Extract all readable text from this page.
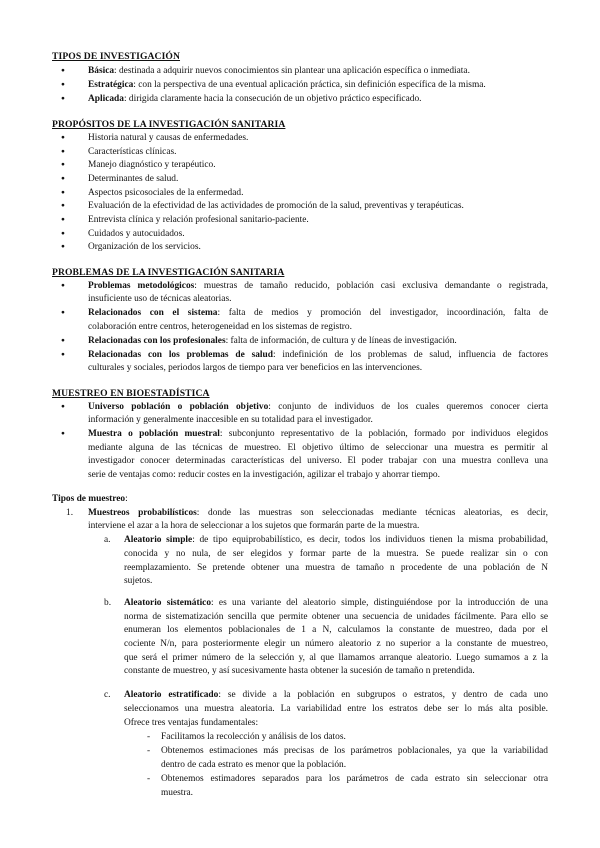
TIPOS DE INVESTIGACIÓN
● Básica: destinada a adquirir nuevos conocimientos sin plantear una aplicación específica o inmediata.
● Estratégica: con la perspectiva de una eventual aplicación práctica, sin definición específica de la misma.
● Aplicada: dirigida claramente hacia la consecución de un objetivo práctico especificado.
PROPÓSITOS DE LA INVESTIGACIÓN SANITARIA
● Historia natural y causas de enfermedades.
● Características clínicas.
● Manejo diagnóstico y terapéutico.
● Determinantes de salud.
● Aspectos psicosociales de la enfermedad.
● Evaluación de la efectividad de las actividades de promoción de la salud, preventivas y terapéuticas.
● Entrevista clínica y relación profesional sanitario-paciente.
● Cuidados y autocuidados.
● Organización de los servicios.
PROBLEMAS DE LA INVESTIGACIÓN SANITARIA
● Problemas metodológicos: muestras de tamaño reducido, población casi exclusiva demandante o registrada,
insuficiente uso de técnicas aleatorias.
● Relacionados con el sistema: falta de medios y promoción del investigador, incoordinación, falta de
colaboración entre centros, heterogeneidad en los sistemas de registro.
● Relacionadas con los profesionales: falta de información, de cultura y de líneas de investigación.
● Relacionadas con los problemas de salud: indefinición de los problemas de salud, influencia de factores
culturales y sociales, periodos largos de tiempo para ver beneficios en las intervenciones.
MUESTREO EN BIOESTADÍSTICA
● Universo población o población objetivo: conjunto de individuos de los cuales queremos conocer cierta
información y generalmente inaccesible en su totalidad para el investigador.
● Muestra o población muestral: subconjunto representativo de la población, formado por individuos elegidos
mediante alguna de las técnicas de muestreo. El objetivo último de seleccionar una muestra es permitir al
investigador conocer determinadas características del universo. El poder trabajar con una muestra conlleva una
serie de ventajas como: reducir costes en la investigación, agilizar el trabajo y ahorrar tiempo.
Tipos de muestreo:
1. Muestreos probabilísticos: donde las muestras son seleccionadas mediante técnicas aleatorias, es decir,
interviene el azar a la hora de seleccionar a los sujetos que formarán parte de la muestra.
a. Aleatorio simple: de tipo equiprobabilístico, es decir, todos los individuos tienen la misma probabilidad,
conocida y no nula, de ser elegidos y formar parte de la muestra. Se puede realizar sin o con
reemplazamiento. Se pretende obtener una muestra de tamaño n procedente de una población de N
sujetos.
b. Aleatorio sistemático: es una variante del aleatorio simple, distinguiéndose por la introducción de una
norma de sistematización sencilla que permite obtener una secuencia de unidades fácilmente. Para ello se
enumeran los elementos poblacionales de 1 a N, calculamos la constante de muestreo, dada por el
cociente N/n, para posteriormente elegir un número aleatorio z no superior a la constante de muestreo,
que será el primer número de la selección y, al que llamamos arranque aleatorio. Luego sumamos a z la
constante de muestreo, y así sucesivamente hasta obtener la sucesión de tamaño n pretendida.
c. Aleatorio estratificado: se divide a la población en subgrupos o estratos, y dentro de cada uno
seleccionamos una muestra aleatoria. La variabilidad entre los estratos debe ser lo más alta posible.
Ofrece tres ventajas fundamentales:
- Facilitamos la recolección y análisis de los datos.
- Obtenemos estimaciones más precisas de los parámetros poblacionales, ya que la variabilidad
dentro de cada estrato es menor que la población.
- Obtenemos estimadores separados para los parámetros de cada estrato sin seleccionar otra
muestra.
